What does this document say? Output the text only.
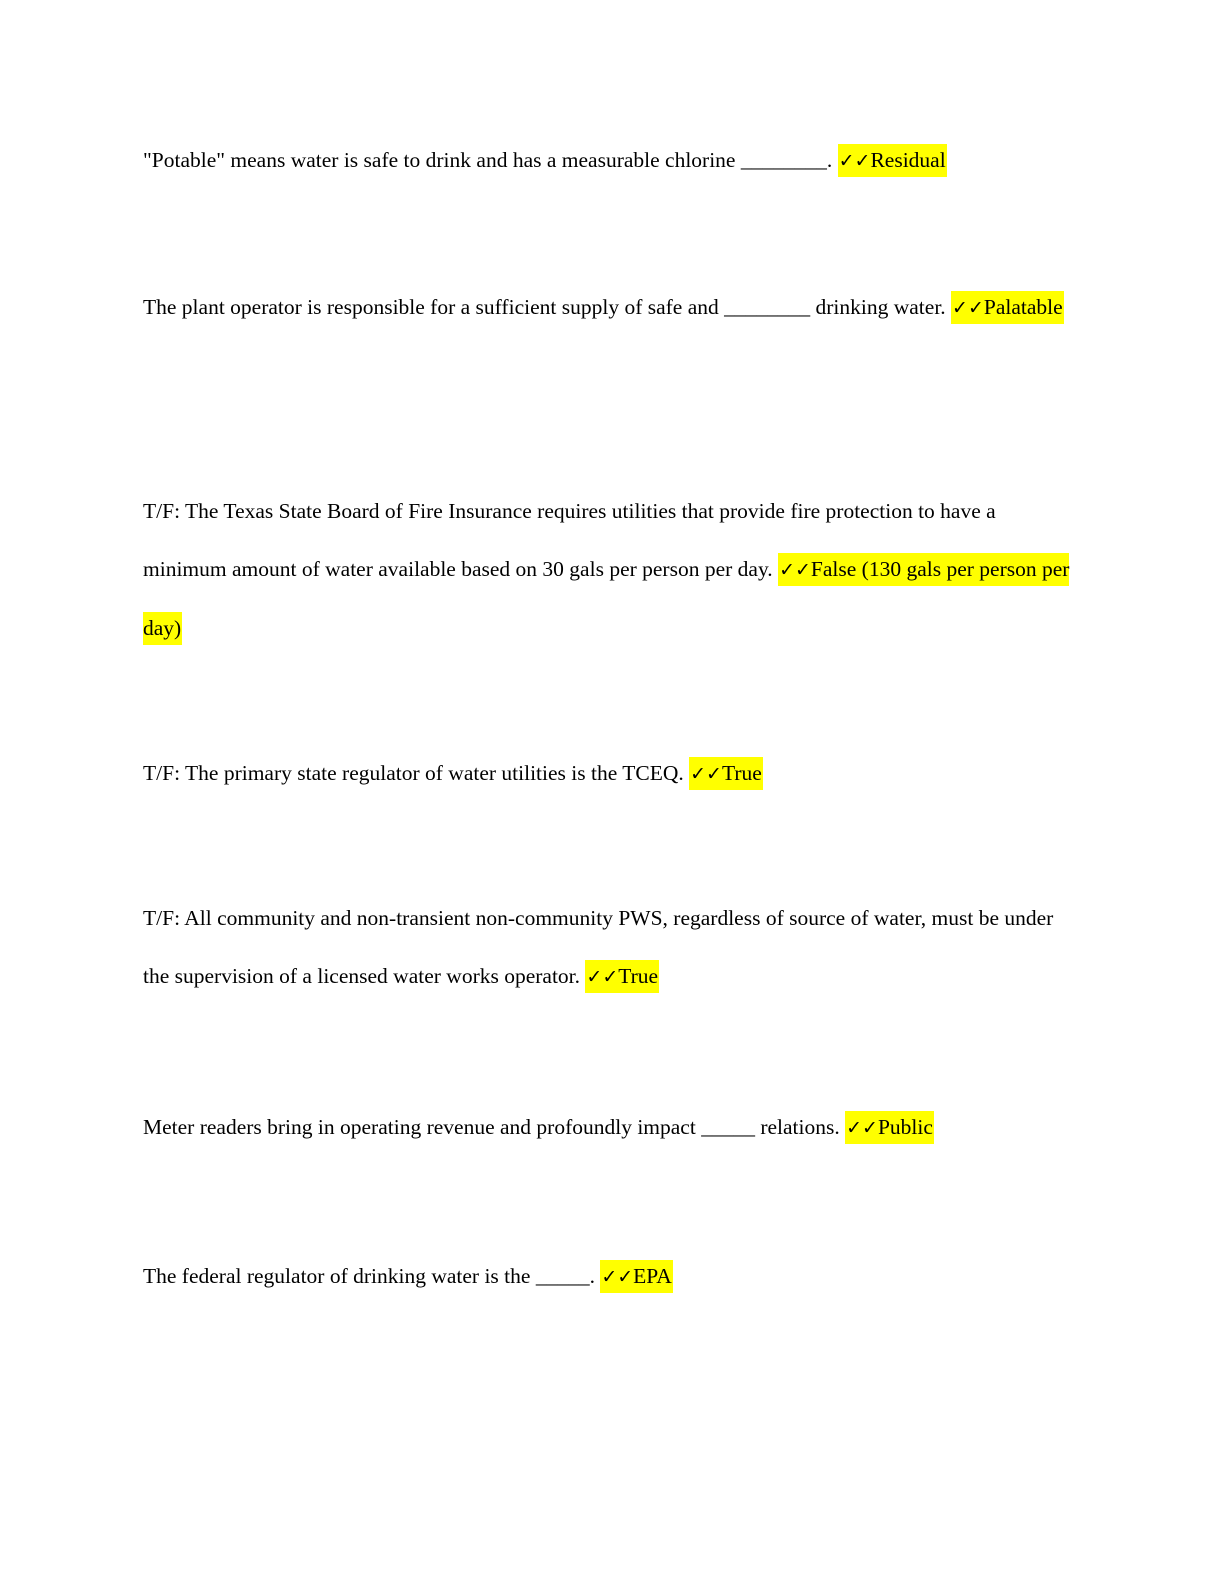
"Potable" means water is safe to drink and has a measurable chlorine ________. ✓✓Residual

The plant operator is responsible for a sufficient supply of safe and ________ drinking water. ✓✓Palatable

T/F: The Texas State Board of Fire Insurance requires utilities that provide fire protection to have a minimum amount of water available based on 30 gals per person per day. ✓✓False (130 gals per person per day)

T/F: The primary state regulator of water utilities is the TCEQ. ✓✓True

T/F: All community and non-transient non-community PWS, regardless of source of water, must be under the supervision of a licensed water works operator. ✓✓True

Meter readers bring in operating revenue and profoundly impact _____ relations. ✓✓Public

The federal regulator of drinking water is the _____. ✓✓EPA
